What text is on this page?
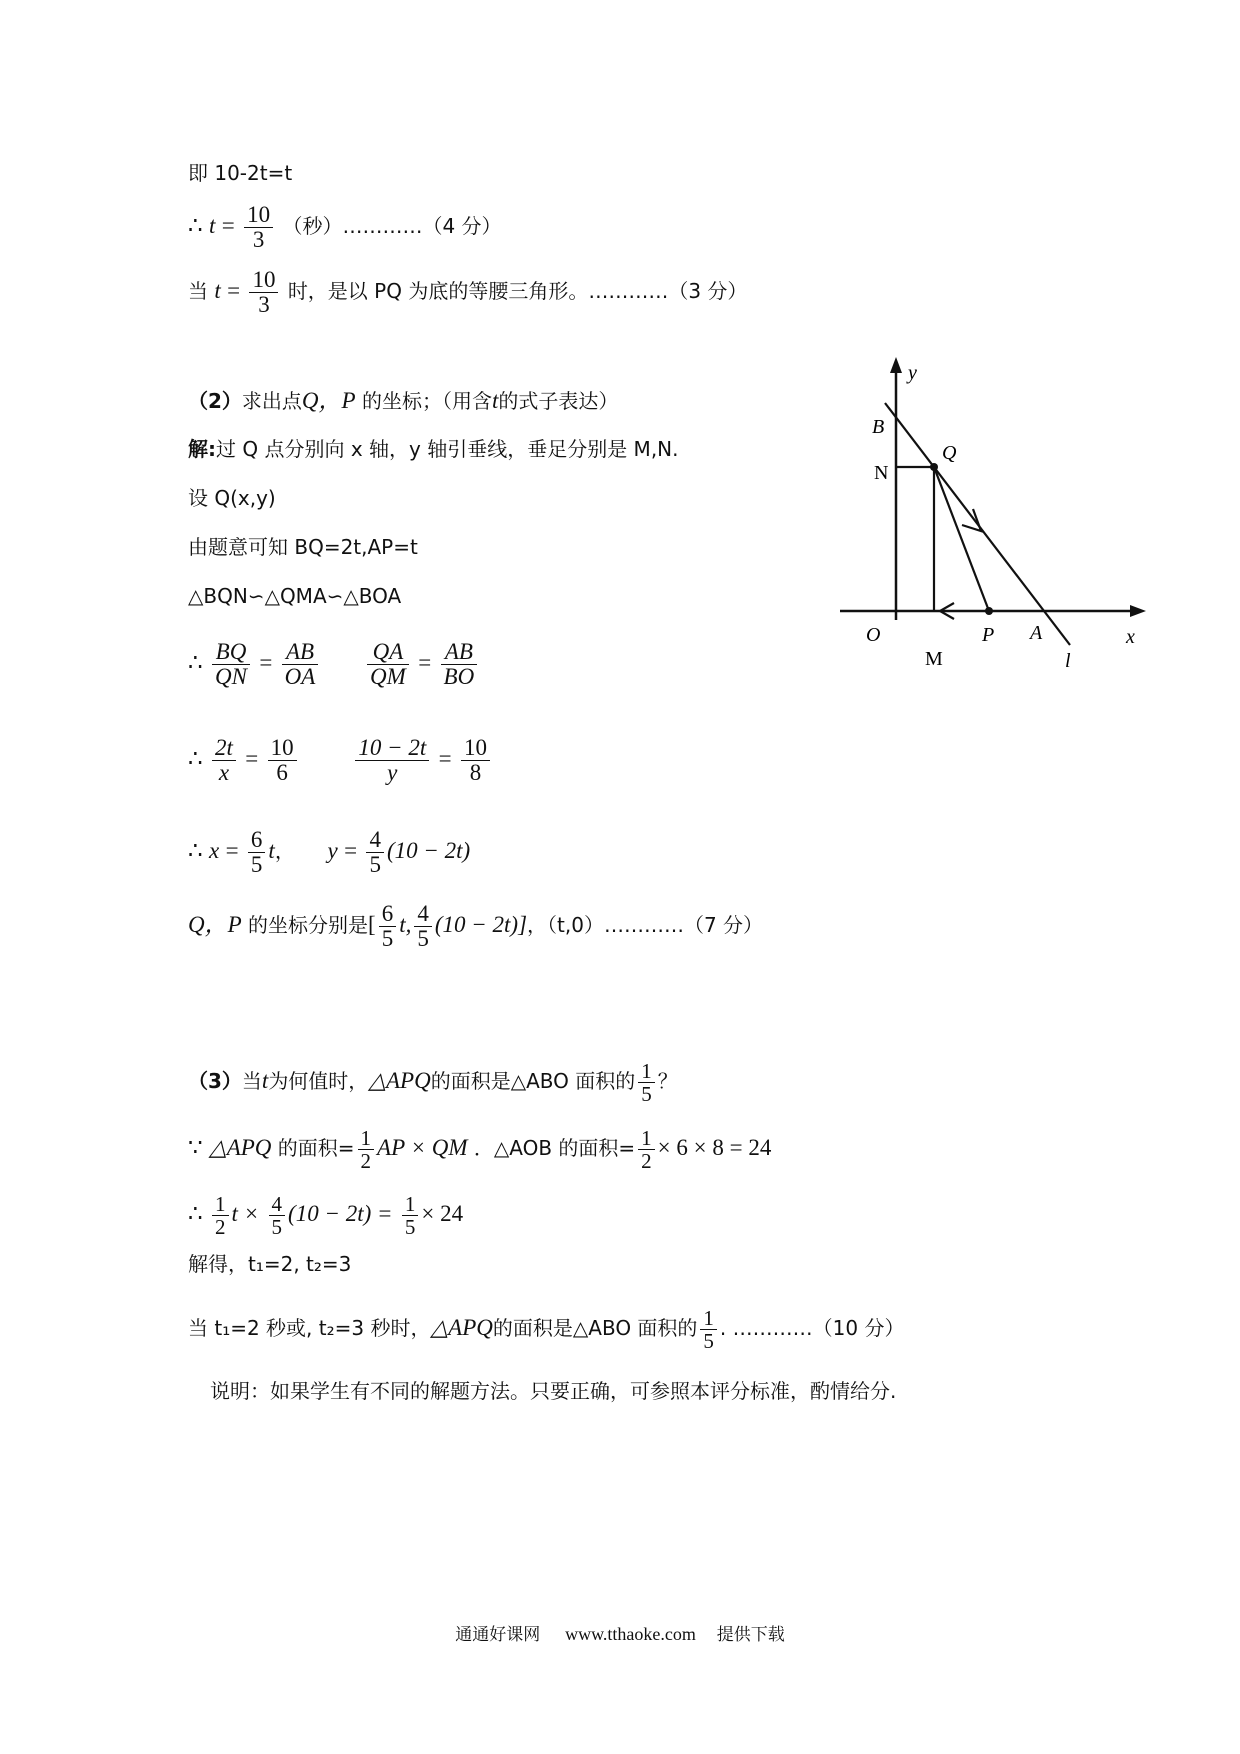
即 10-2t=t
∴ $t = \frac{10}{3}$ （秒）…………（4 分）
当 $t = \frac{10}{3}$ 时，是以 PQ 为底的等腰三角形。…………（3 分）
（2）求出点Q，P 的坐标；（用含t的式子表达）
解:过 Q 点分别向 x 轴，y 轴引垂线，垂足分别是 M,N.
设 Q(x,y)
由题意可知 BQ=2t,AP=t
△BQN∽△QMA∽△BOA
∴ $\frac{BQ}{QN} = \frac{AB}{OA}$
$\frac{QA}{QM} = \frac{AB}{BO}$
∴ $\frac{2t}{x} = \frac{10}{6}$
	$\frac{10 - 2t}{y} = \frac{10}{8}$
∴ $x = \frac{6}{5}$ t， $y = \frac{4}{5} (10 - 2t)$
Q，P 的坐标分别是[ $\frac{6}{5} t$, $\frac{4}{5} (10 - 2t)$]，（t,0）…………（7 分）
y
B
Q
N
O	P A
M	l
x
（3）当t为何值时，△APQ的面积是△ABO 面积的 $\frac{1}{5}$ ？
∵ △APQ 的面积= $\frac{1}{2}$ AP × QM ．△AOB 的面积= $\frac{1}{2} \times 6 \times 8 = 24$
∴ $\frac{1}{2}$ $t \times \frac{4}{5} (10 - 2t) = \frac{1}{5} \times 24$
解得，t₁=2, t₂=3
当 t₁=2 秒或, t₂=3 秒时，△APQ的面积是△ABO 面积的 $\frac{1}{5}$ . …………（10 分）
说明：如果学生有不同的解题方法。只要正确，可参照本评分标准，酌情给分.
通通好课网 www.tthaoke.com 提供下载
